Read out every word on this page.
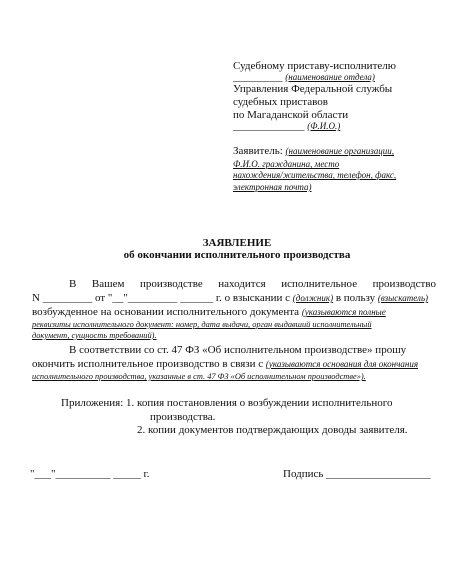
Судебному приставу-исполнителю
_________ (наименование отдела)
Управления Федеральной службы
судебных приставов
по Магаданской области
_____________ (Ф.И.О.)
Заявитель: (наименование организации,
Ф.И.О. гражданина, место
нахождения/жительства, телефон, факс,
электронная почта)
ЗАЯВЛЕНИЕ
об окончании исполнительного производства
В Вашем производстве находится исполнительное производство
N _________ от "__"_________ ______ г. о взыскании с (должник) в пользу (взыскатель)
возбужденное на основании исполнительного документа (указываются полные
реквизиты исполнительного документ: номер, дата выдачи, орган выдавший исполнительный
документ, сущность требований).
В соответствии со ст. 47 ФЗ «Об исполнительном производстве» прошу
окончить исполнительное производство в связи с (указываются основания для окончания
исполнительного производства, указанные в ст. 47 ФЗ «Об исполнительном производстве»).
Приложения: 1. копия постановления о возбуждении исполнительного
производства.
2. копии документов подтверждающих доводы заявителя.
"___"__________ _____ г.	Подпись ___________________
